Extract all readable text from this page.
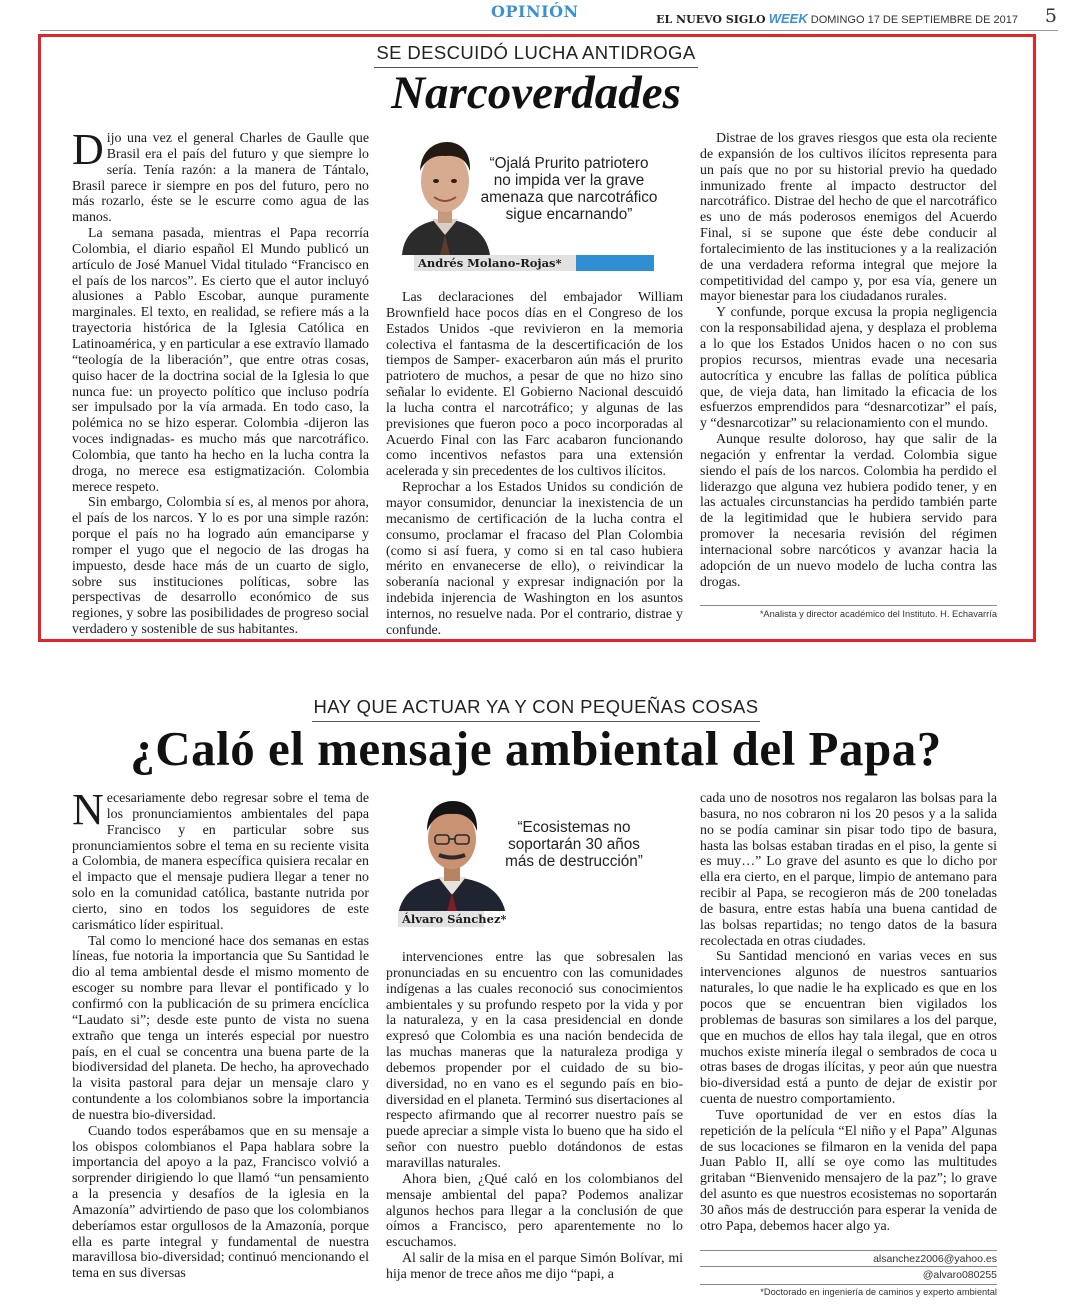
OPINIÓN	EL NUEVO SIGLO WEEK DOMINGO 17 DE SEPTIEMBRE DE 2017 5
SE DESCUIDÓ LUCHA ANTIDROGA
Narcoverdades

Dijo una vez el general Charles de Gaulle que Brasil era el país del futuro y que siempre lo sería. Tenía razón: a la manera de Tántalo, Brasil parece ir siempre en pos del futuro, pero no más rozarlo, éste se le escurre como agua de las manos.

La semana pasada, mientras el Papa recorría Colombia, el diario español El Mundo publicó un artículo de José Manuel Vidal titulado “Francisco en el país de los narcos”. Es cierto que el autor incluyó alusiones a Pablo Escobar, aunque puramente marginales. El texto, en realidad, se refiere más a la trayectoria histórica de la Iglesia Católica en Latinoamérica, y en particular a ese extravío llamado “teología de la liberación”, que entre otras cosas, quiso hacer de la doctrina social de la Iglesia lo que nunca fue: un proyecto político que incluso podría ser impulsado por la vía armada. En todo caso, la polémica no se hizo esperar. Colombia -dijeron las voces indignadas- es mucho más que narcotráfico. Colombia, que tanto ha hecho en la lucha contra la droga, no merece esa estigmatización. Colombia merece respeto.

Sin embargo, Colombia sí es, al menos por ahora, el país de los narcos. Y lo es por una simple razón: porque el país no ha logrado aún emanciparse y romper el yugo que el negocio de las drogas ha impuesto, desde hace más de un cuarto de siglo, sobre sus instituciones políticas, sobre las perspectivas de desarrollo económico de sus regiones, y sobre las posibilidades de progreso social verdadero y sostenible de sus habitantes.

“Ojalá Prurito patriotero no impida ver la grave amenaza que narcotráfico sigue encarnando”
Andrés Molano-Rojas*

Las declaraciones del embajador William Brownfield hace pocos días en el Congreso de los Estados Unidos -que revivieron en la memoria colectiva el fantasma de la descertificación de los tiempos de Samper- exacerbaron aún más el prurito patriotero de muchos, a pesar de que no hizo sino señalar lo evidente. El Gobierno Nacional descuidó la lucha contra el narcotráfico; y algunas de las previsiones que fueron poco a poco incorporadas al Acuerdo Final con las Farc acabaron funcionando como incentivos nefastos para una extensión acelerada y sin precedentes de los cultivos ilícitos.

Reprochar a los Estados Unidos su condición de mayor consumidor, denunciar la inexistencia de un mecanismo de certificación de la lucha contra el consumo, proclamar el fracaso del Plan Colombia (como si así fuera, y como si en tal caso hubiera mérito en envanecerse de ello), o reivindicar la soberanía nacional y expresar indignación por la indebida injerencia de Washington en los asuntos internos, no resuelve nada. Por el contrario, distrae y confunde.

Distrae de los graves riesgos que esta ola reciente de expansión de los cultivos ilícitos representa para un país que no por su historial previo ha quedado inmunizado frente al impacto destructor del narcotráfico. Distrae del hecho de que el narcotráfico es uno de más poderosos enemigos del Acuerdo Final, si se supone que éste debe conducir al fortalecimiento de las instituciones y a la realización de una verdadera reforma integral que mejore la competitividad del campo y, por esa vía, genere un mayor bienestar para los ciudadanos rurales.

Y confunde, porque excusa la propia negligencia con la responsabilidad ajena, y desplaza el problema a lo que los Estados Unidos hacen o no con sus propios recursos, mientras evade una necesaria autocrítica y encubre las fallas de política pública que, de vieja data, han limitado la eficacia de los esfuerzos emprendidos para “desnarcotizar” el país, y “desnarcotizar” su relacionamiento con el mundo.

Aunque resulte doloroso, hay que salir de la negación y enfrentar la verdad. Colombia sigue siendo el país de los narcos. Colombia ha perdido el liderazgo que alguna vez hubiera podido tener, y en las actuales circunstancias ha perdido también parte de la legitimidad que le hubiera servido para promover la necesaria revisión del régimen internacional sobre narcóticos y avanzar hacia la adopción de un nuevo modelo de lucha contra las drogas.

*Analista y director académico del Instituto. H. Echavarría
HAY QUE ACTUAR YA Y CON PEQUEÑAS COSAS
¿Caló el mensaje ambiental del Papa?

Necesariamente debo regresar sobre el tema de los pronunciamientos ambientales del papa Francisco y en particular sobre sus pronunciamientos sobre el tema en su reciente visita a Colombia, de manera específica quisiera recalar en el impacto que el mensaje pudiera llegar a tener no solo en la comunidad católica, bastante nutrida por cierto, sino en todos los seguidores de este carismático líder espiritual.

Tal como lo mencioné hace dos semanas en estas líneas, fue notoria la importancia que Su Santidad le dio al tema ambiental desde el mismo momento de escoger su nombre para llevar el pontificado y lo confirmó con la publicación de su primera encíclica “Laudato si”; desde este punto de vista no suena extraño que tenga un interés especial por nuestro país, en el cual se concentra una buena parte de la biodiversidad del planeta. De hecho, ha aprovechado la visita pastoral para dejar un mensaje claro y contundente a los colombianos sobre la importancia de nuestra bio-diversidad.

Cuando todos esperábamos que en su mensaje a los obispos colombianos el Papa hablara sobre la importancia del apoyo a la paz, Francisco volvió a sorprender dirigiendo lo que llamó “un pensamiento a la presencia y desafíos de la iglesia en la Amazonía” advirtiendo de paso que los colombianos deberíamos estar orgullosos de la Amazonía, porque ella es parte integral y fundamental de nuestra maravillosa bio-diversidad; continuó mencionando el tema en sus diversas

“Ecosistemas no soportarán 30 años más de destrucción”
Álvaro Sánchez*

intervenciones entre las que sobresalen las pronunciadas en su encuentro con las comunidades indígenas a las cuales reconoció sus conocimientos ambientales y su profundo respeto por la vida y por la naturaleza, y en la casa presidencial en donde expresó que Colombia es una nación bendecida de las muchas maneras que la naturaleza prodiga y debemos propender por el cuidado de su bio-diversidad, no en vano es el segundo país en bio-diversidad en el planeta. Terminó sus disertaciones al respecto afirmando que al recorrer nuestro país se puede apreciar a simple vista lo bueno que ha sido el señor con nuestro pueblo dotándonos de estas maravillas naturales.

Ahora bien, ¿Qué caló en los colombianos del mensaje ambiental del papa? Podemos analizar algunos hechos para llegar a la conclusión de que oímos a Francisco, pero aparentemente no lo escuchamos.

Al salir de la misa en el parque Simón Bolívar, mi hija menor de trece años me dijo “papi, a

cada uno de nosotros nos regalaron las bolsas para la basura, no nos cobraron ni los 20 pesos y a la salida no se podía caminar sin pisar todo tipo de basura, hasta las bolsas estaban tiradas en el piso, la gente si es muy…” Lo grave del asunto es que lo dicho por ella era cierto, en el parque, limpio de antemano para recibir al Papa, se recogieron más de 200 toneladas de basura, entre estas había una buena cantidad de las bolsas repartidas; no tengo datos de la basura recolectada en otras ciudades.

Su Santidad mencionó en varias veces en sus intervenciones algunos de nuestros santuarios naturales, lo que nadie le ha explicado es que en los pocos que se encuentran bien vigilados los problemas de basuras son similares a los del parque, que en muchos de ellos hay tala ilegal, que en otros muchos existe minería ilegal o sembrados de coca u otras bases de drogas ilícitas, y peor aún que nuestra bio-diversidad está a punto de dejar de existir por cuenta de nuestro comportamiento.

Tuve oportunidad de ver en estos días la repetición de la película “El niño y el Papa” Algunas de sus locaciones se filmaron en la venida del papa Juan Pablo II, allí se oye como las multitudes gritaban “Bienvenido mensajero de la paz”; lo grave del asunto es que nuestros ecosistemas no soportarán 30 años más de destrucción para esperar la venida de otro Papa, debemos hacer algo ya.

alsanchez2006@yahoo.es
@alvaro080255
*Doctorado en ingeniería de caminos y experto ambiental
